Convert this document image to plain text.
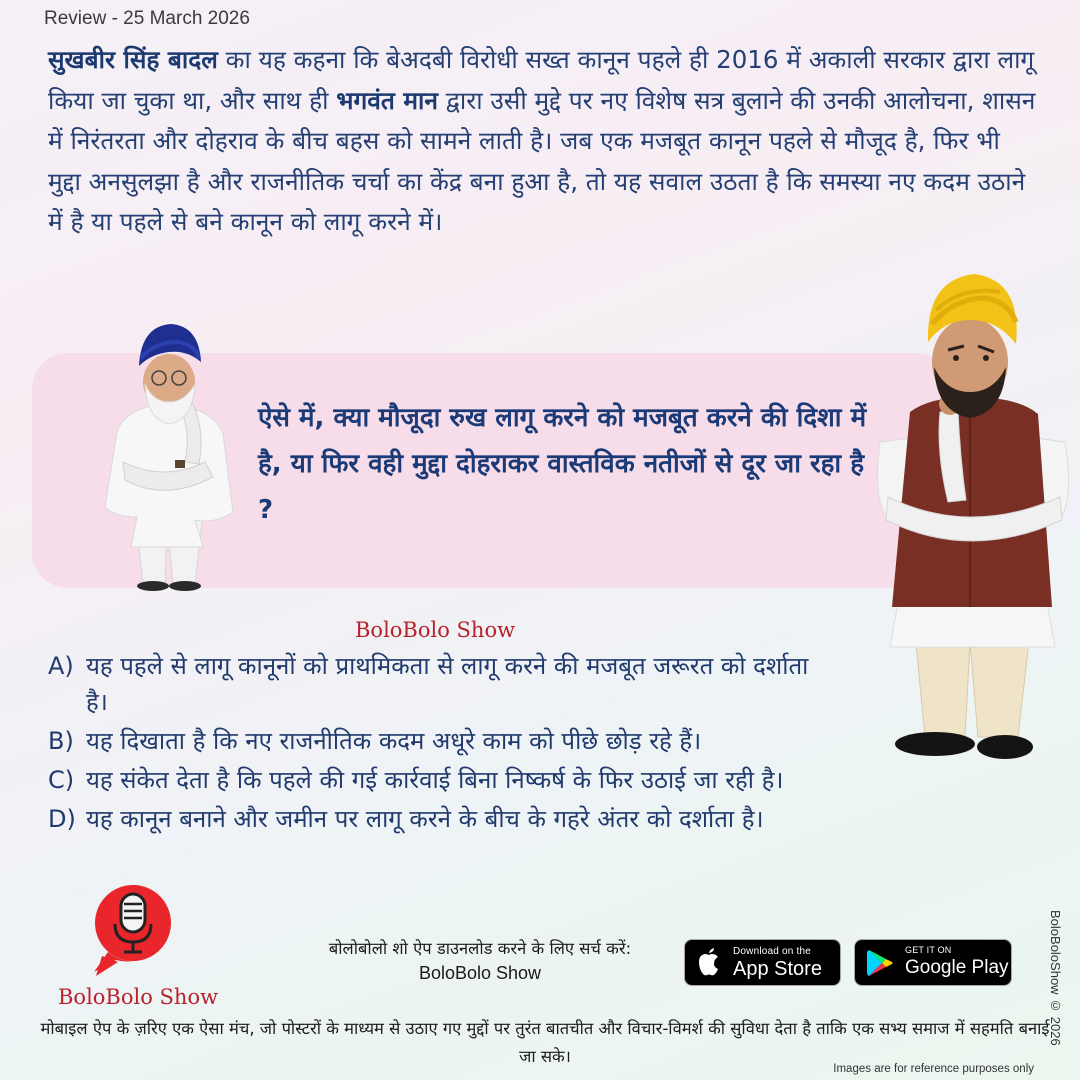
Review - 25 March 2026
सुखबीर सिंह बादल का यह कहना कि बेअदबी विरोधी सख्त कानून पहले ही 2016 में अकाली सरकार द्वारा लागू किया जा चुका था, और साथ ही भगवंत मान द्वारा उसी मुद्दे पर नए विशेष सत्र बुलाने की उनकी आलोचना, शासन में निरंतरता और दोहराव के बीच बहस को सामने लाती है। जब एक मजबूत कानून पहले से मौजूद है, फिर भी मुद्दा अनसुलझा है और राजनीतिक चर्चा का केंद्र बना हुआ है, तो यह सवाल उठता है कि समस्या नए कदम उठाने में है या पहले से बने कानून को लागू करने में।
ऐसे में, क्या मौजूदा रुख लागू करने को मजबूत करने की दिशा में है, या फिर वही मुद्दा दोहराकर वास्तविक नतीजों से दूर जा रहा है ?
BoloBolo Show
A) यह पहले से लागू कानूनों को प्राथमिकता से लागू करने की मजबूत जरूरत को दर्शाता है।
B) यह दिखाता है कि नए राजनीतिक कदम अधूरे काम को पीछे छोड़ रहे हैं।
C) यह संकेत देता है कि पहले की गई कार्रवाई बिना निष्कर्ष के फिर उठाई जा रही है।
D) यह कानून बनाने और जमीन पर लागू करने के बीच के गहरे अंतर को दर्शाता है।
BoloBolo Show
बोलोबोलो शो ऐप डाउनलोड करने के लिए सर्च करें:
BoloBolo Show
Download on the
App Store
GET IT ON
Google Play
मोबाइल ऐप के ज़रिए एक ऐसा मंच, जो पोस्टरों के माध्यम से उठाए गए मुद्दों पर तुरंत बातचीत और विचार-विमर्श की सुविधा देता है ताकि एक सभ्य समाज में सहमति बनाई जा सके।
Images are for reference purposes only
BoloBoloShow © 2026
